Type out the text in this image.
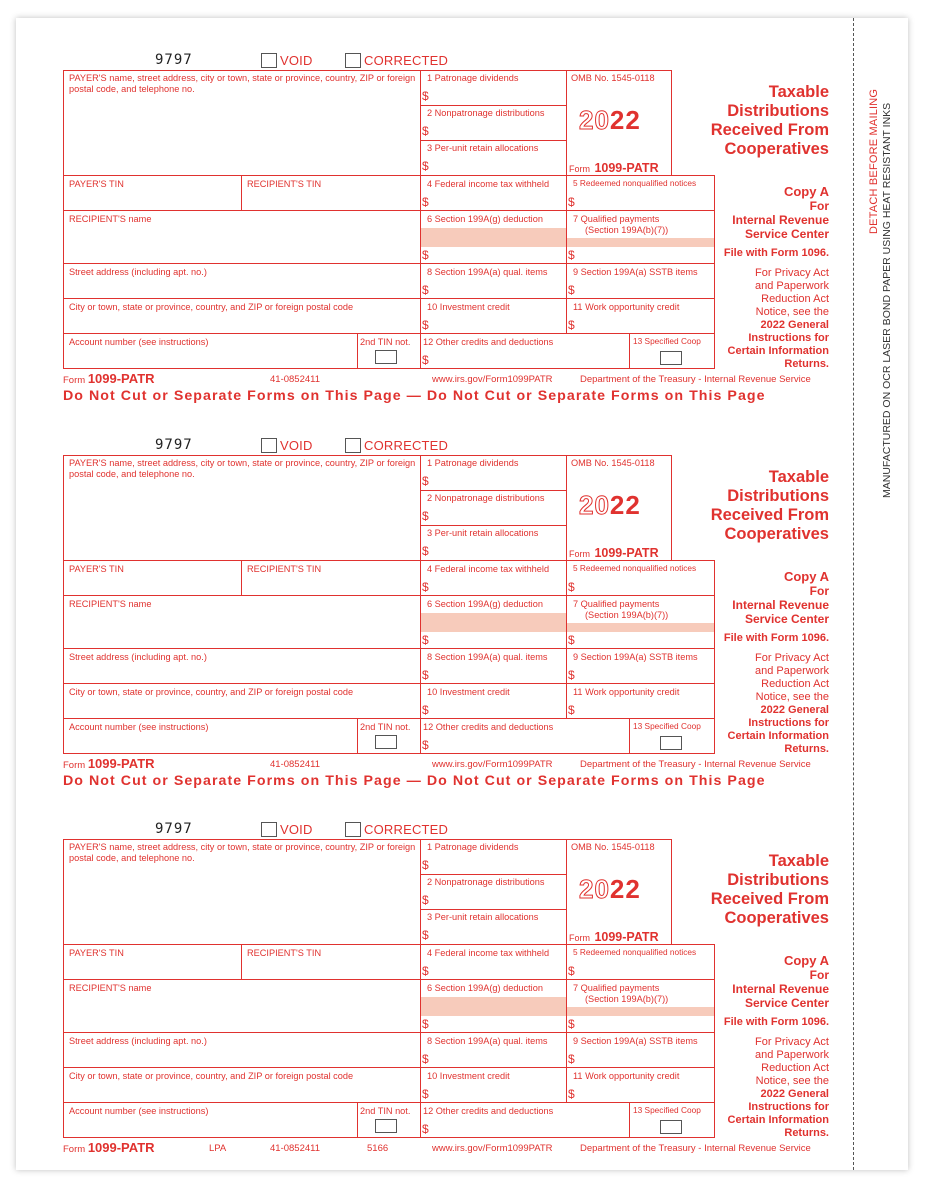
DETACH BEFORE MAILING MANUFACTURED ON OCR LASER BOND PAPER USING HEAT RESISTANT INKS
9797	VOID	CORRECTED
PAYER'S name, street address, city or town, state or province, country, ZIP or foreign postal code, and telephone no.
1 Patronage dividends
$
2 Nonpatronage distributions
$
3 Per-unit retain allocations
$
OMB No. 1545-0118
2022
Form 1099-PATR
Taxable
Distributions
Received From
Cooperatives
PAYER'S TIN	RECIPIENT'S TIN	4 Federal income tax withheld
$
5 Redeemed nonqualified notices
$
RECIPIENT'S name	6 Section 199A(g) deduction
$
7 Qualified payments
(Section 199A(b)(7))
$
Street address (including apt. no.)	8 Section 199A(a) qual. items
$
9 Section 199A(a) SSTB items
$
City or town, state or province, country, and ZIP or foreign postal code	10 Investment credit
$
11 Work opportunity credit
$
Account number (see instructions)	2nd TIN not. 12 Other credits and deductions
$
13 Specified Coop
Copy A
For
Internal Revenue
Service Center
File with Form 1096.
For Privacy Act
and Paperwork
Reduction Act
Notice, see the
2022 General
Instructions for
Certain Information
Returns.
Form 1099-PATR	41-0852411	www.irs.gov/Form1099PATR	Department of the Treasury - Internal Revenue Service
Do Not Cut or Separate Forms on This Page — Do Not Cut or Separate Forms on This Page
9797	VOID	CORRECTED
PAYER'S name, street address, city or town, state or province, country, ZIP or foreign postal code, and telephone no.
1 Patronage dividends
$
2 Nonpatronage distributions
$
3 Per-unit retain allocations
$
OMB No. 1545-0118
2022
Form 1099-PATR
Taxable
Distributions
Received From
Cooperatives
PAYER'S TIN	RECIPIENT'S TIN	4 Federal income tax withheld
$
5 Redeemed nonqualified notices
$
RECIPIENT'S name	6 Section 199A(g) deduction
$
7 Qualified payments
(Section 199A(b)(7))
$
Street address (including apt. no.)	8 Section 199A(a) qual. items
$
9 Section 199A(a) SSTB items
$
City or town, state or province, country, and ZIP or foreign postal code	10 Investment credit
$
11 Work opportunity credit
$
Account number (see instructions)	2nd TIN not. 12 Other credits and deductions
$
13 Specified Coop
Copy A
For
Internal Revenue
Service Center
File with Form 1096.
For Privacy Act
and Paperwork
Reduction Act
Notice, see the
2022 General
Instructions for
Certain Information
Returns.
Form 1099-PATR	41-0852411	www.irs.gov/Form1099PATR	Department of the Treasury - Internal Revenue Service
Do Not Cut or Separate Forms on This Page — Do Not Cut or Separate Forms on This Page
9797	VOID	CORRECTED
PAYER'S name, street address, city or town, state or province, country, ZIP or foreign postal code, and telephone no.
1 Patronage dividends
$
2 Nonpatronage distributions
$
3 Per-unit retain allocations
$
OMB No. 1545-0118
2022
Form 1099-PATR
Taxable
Distributions
Received From
Cooperatives
PAYER'S TIN	RECIPIENT'S TIN	4 Federal income tax withheld
$
5 Redeemed nonqualified notices
$
RECIPIENT'S name	6 Section 199A(g) deduction
$
7 Qualified payments
(Section 199A(b)(7))
$
Street address (including apt. no.)	8 Section 199A(a) qual. items
$
9 Section 199A(a) SSTB items
$
City or town, state or province, country, and ZIP or foreign postal code	10 Investment credit
$
11 Work opportunity credit
$
Account number (see instructions)	2nd TIN not. 12 Other credits and deductions
$
13 Specified Coop
Copy A
For
Internal Revenue
Service Center
File with Form 1096.
For Privacy Act
and Paperwork
Reduction Act
Notice, see the
2022 General
Instructions for
Certain Information
Returns.
Form 1099-PATR	LPA	41-0852411	5166	www.irs.gov/Form1099PATR	Department of the Treasury - Internal Revenue Service
